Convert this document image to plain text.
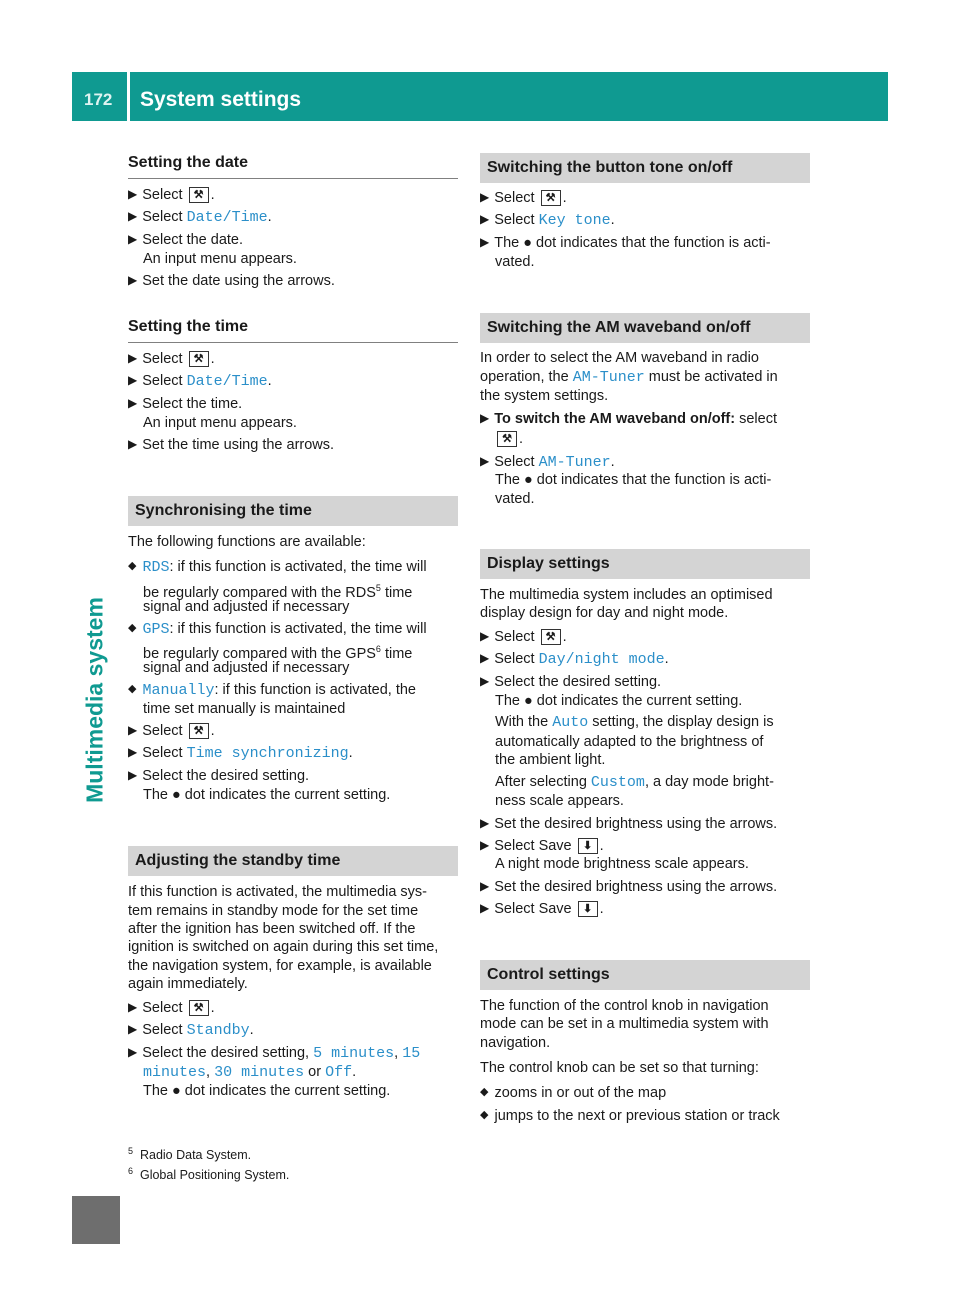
172 System settings
Multimedia system
Setting the date
▶ Select ⚒ .
▶ Select Date/Time.
▶ Select the date.
An input menu appears.
▶ Set the date using the arrows.
Setting the time
▶ Select ⚒ .
▶ Select Date/Time.
▶ Select the time.
An input menu appears.
▶ Set the time using the arrows.
Synchronising the time
The following functions are available:
◆ RDS: if this function is activated, the time will
be regularly compared with the RDS$^5$ time
signal and adjusted if necessary
◆ GPS: if this function is activated, the time will
be regularly compared with the GPS$^6$ time
signal and adjusted if necessary
◆ Manually: if this function is activated, the
time set manually is maintained
▶ Select ⚒ .
▶ Select Time synchronizing.
▶ Select the desired setting.
The ● dot indicates the current setting.
Adjusting the standby time
If this function is activated, the multimedia sys-
tem remains in standby mode for the set time
after the ignition has been switched off. If the
ignition is switched on again during this set time,
the navigation system, for example, is available
again immediately.
▶ Select ⚒ .
▶ Select Standby.
▶ Select the desired setting, 5 minutes, 15
minutes, 30 minutes or Off.
The ● dot indicates the current setting.
Switching the button tone on/off
▶ Select ⚒ .
▶ Select Key tone.
▶ The ● dot indicates that the function is acti-
vated.
Switching the AM waveband on/off
In order to select the AM waveband in radio
operation, the AM-Tuner must be activated in
the system settings.
▶ To switch the AM waveband on/off: select
⚒ .
▶ Select AM-Tuner.
The ● dot indicates that the function is acti-
vated.
Display settings
The multimedia system includes an optimised
display design for day and night mode.
▶ Select ⚒ .
▶ Select Day/night mode.
▶ Select the desired setting.
The ● dot indicates the current setting.
With the Auto setting, the display design is
automatically adapted to the brightness of
the ambient light.
After selecting Custom, a day mode bright-
ness scale appears.
▶ Set the desired brightness using the arrows.
▶ Select Save ⬇ .
A night mode brightness scale appears.
▶ Set the desired brightness using the arrows.
▶ Select Save ⬇ .
Control settings
The function of the control knob in navigation
mode can be set in a multimedia system with
navigation.
The control knob can be set so that turning:
◆ zooms in or out of the map
◆ jumps to the next or previous station or track
$^5$ Radio Data System.
$^6$ Global Positioning System.
